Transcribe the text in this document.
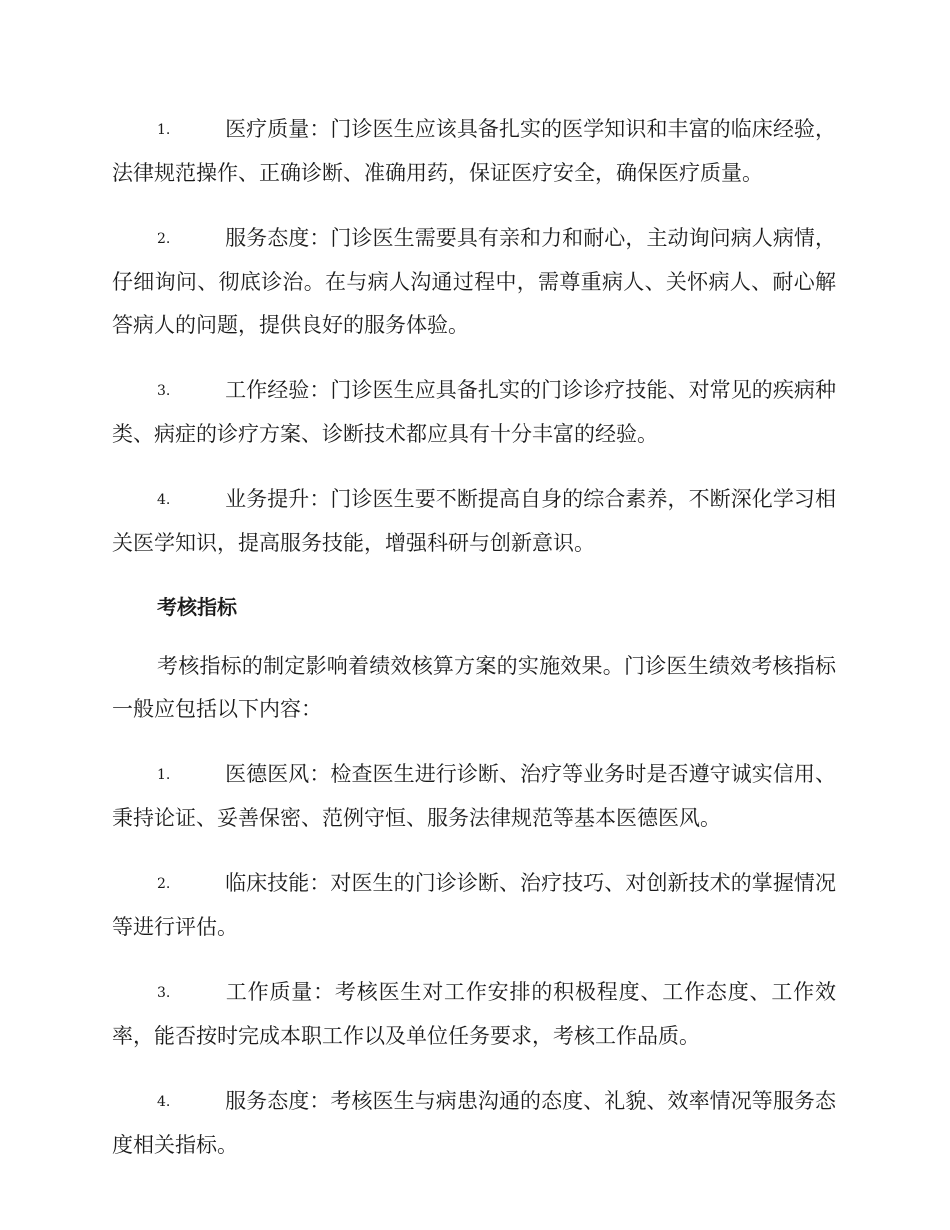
1.	医疗质量：门诊医生应该具备扎实的医学知识和丰富的临床经验，法律规范操作、正确诊断、准确用药，保证医疗安全，确保医疗质量。
2.	服务态度：门诊医生需要具有亲和力和耐心，主动询问病人病情，仔细询问、彻底诊治。在与病人沟通过程中，需尊重病人、关怀病人、耐心解答病人的问题，提供良好的服务体验。
3.	工作经验：门诊医生应具备扎实的门诊诊疗技能、对常见的疾病种类、病症的诊疗方案、诊断技术都应具有十分丰富的经验。
4.	业务提升：门诊医生要不断提高自身的综合素养，不断深化学习相关医学知识，提高服务技能，增强科研与创新意识。
考核指标
考核指标的制定影响着绩效核算方案的实施效果。门诊医生绩效考核指标一般应包括以下内容：
1.	医德医风：检查医生进行诊断、治疗等业务时是否遵守诚实信用、秉持论证、妥善保密、范例守恒、服务法律规范等基本医德医风。
2.	临床技能：对医生的门诊诊断、治疗技巧、对创新技术的掌握情况等进行评估。
3.	工作质量：考核医生对工作安排的积极程度、工作态度、工作效率，能否按时完成本职工作以及单位任务要求，考核工作品质。
4.	服务态度：考核医生与病患沟通的态度、礼貌、效率情况等服务态度相关指标。
